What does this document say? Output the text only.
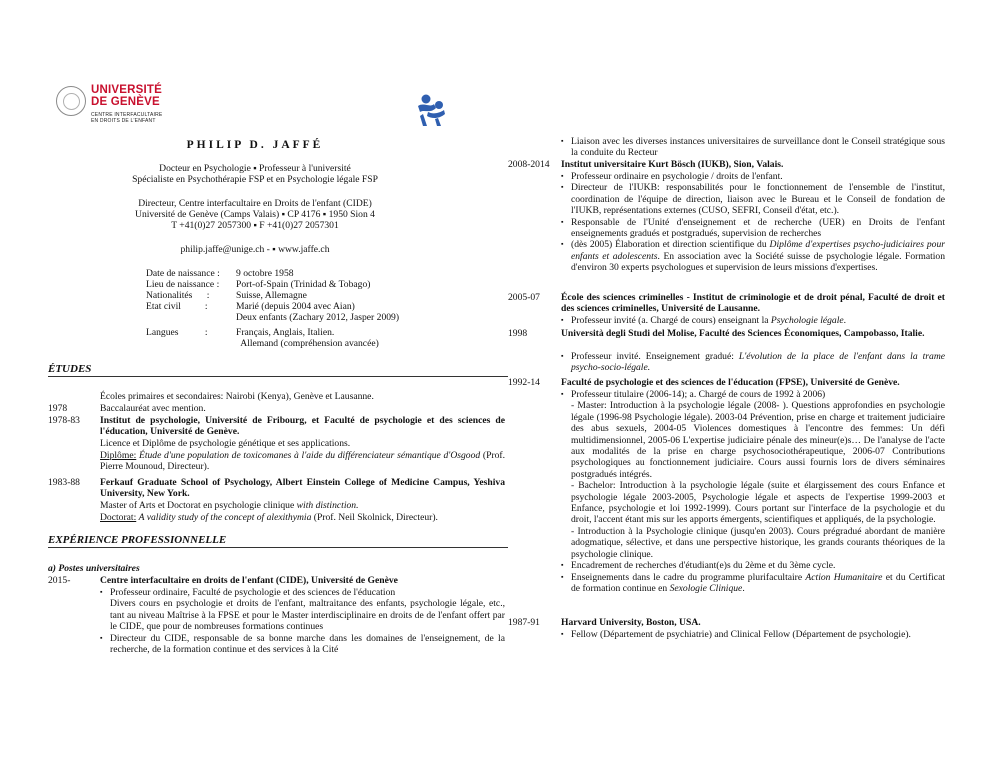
UNIVERSITÉ
DE GENÈVE
CENTRE INTERFACULTAIRE
EN DROITS DE L'ENFANT
PHILIP D. JAFFÉ
Docteur en Psychologie ▪ Professeur à l'université
Spécialiste en Psychothérapie FSP et en Psychologie légale FSP
Directeur, Centre interfacultaire en Droits de l'enfant (CIDE)
Université de Genève (Camps Valais) ▪ CP 4176 ▪ 1950 Sion 4
T +41(0)27 2057300 ▪ F +41(0)27 2057301
philip.jaffe@unige.ch - ▪ www.jaffe.ch
Date de naissance :	9 octobre 1958
Lieu de naissance :	Port-of-Spain (Trinidad & Tobago)
Nationalités      :	Suisse, Allemagne
Etat civil          :	Marié (depuis 2004 avec Aian)
Deux enfants (Zachary 2012, Jasper 2009)
Langues           :	Français, Anglais, Italien.
Allemand (compréhension avancée)
ÉTUDES
Écoles primaires et secondaires: Nairobi (Kenya), Genève et Lausanne.
1978	Baccalauréat avec mention.
1978-83	Institut de psychologie, Université de Fribourg, et Faculté de psychologie et des sciences de l'éducation, Université de Genève.
Licence et Diplôme de psychologie génétique et ses applications.
Diplôme: Étude d'une population de toxicomanes à l'aide du différenciateur sémantique d'Osgood (Prof. Pierre Mounoud, Directeur).
1983-88	Ferkauf Graduate School of Psychology, Albert Einstein College of Medicine Campus, Yeshiva University, New York.
Master of Arts et Doctorat en psychologie clinique with distinction.
Doctorat: A validity study of the concept of alexithymia (Prof. Neil Skolnick, Directeur).
EXPÉRIENCE PROFESSIONNELLE
a) Postes universitaires
2015-	Centre interfacultaire en droits de l'enfant (CIDE), Université de Genève

▪ Professeur ordinaire, Faculté de psychologie et des sciences de l'éducation

Divers cours en psychologie et droits de l'enfant, maltraitance des enfants, psychologie légale, etc., tant au niveau Maîtrise à la FPSE et pour le Master interdisciplinaire en droits de de l'enfant offert par le CIDE, que pour de nombreuses formations continues

▪ Directeur du CIDE, responsable de sa bonne marche dans les domaines de l'enseignement, de la recherche, de la formation continue et des services à la Cité

▪ Liaison avec les diverses instances universitaires de surveillance dont le Conseil stratégique sous la conduite du Recteur

2008-2014	Institut universitaire Kurt Bösch (IUKB), Sion, Valais.

▪ Professeur ordinaire en psychologie / droits de l'enfant.

▪ Directeur de l'IUKB: responsabilités pour le fonctionnement de l'ensemble de l'institut, coordination de l'équipe de direction, liaison avec le Bureau et le Conseil de fondation de l'IUKB, représentations externes (CUSO, SEFRI, Conseil d'état, etc.).

▪ Responsable de l'Unité d'enseignement et de recherche (UER) en Droits de l'enfant enseignements gradués et postgradués, supervision de recherches

▪ (dès 2005) Élaboration et direction scientifique du Diplôme d'expertises psycho-judiciaires pour enfants et adolescents. En association avec la Société suisse de psychologie légale. Formation d'environ 30 experts psychologues et supervision de leurs missions d'expertises.

2005-07	École des sciences criminelles - Institut de criminologie et de droit pénal, Faculté de droit et des sciences criminelles, Université de Lausanne.

▪ Professeur invité (a. Chargé de cours) enseignant la Psychologie légale.

1998	Università degli Studi del Molise, Faculté des Sciences Économiques, Campobasso, Italie.

▪ Professeur invité. Enseignement gradué: L'évolution de la place de l'enfant dans la trame psycho-socio-légale.

1992-14	Faculté de psychologie et des sciences de l'éducation (FPSE), Université de Genève.

▪ Professeur titulaire (2006-14); a. Chargé de cours de 1992 à 2006)

- Master: Introduction à la psychologie légale (2008- ). Questions approfondies en psychologie légale (1996-98 Psychologie légale). 2003-04 Prévention, prise en charge et traitement judiciaire des abus sexuels, 2004-05 Violences domestiques à l'encontre des femmes: Un défi multidimensionnel, 2005-06 L'expertise judiciaire pénale des mineur(e)s… De l'analyse de l'acte aux modalités de la prise en charge psychosociothérapeutique, 2006-07 Contributions psychologiques au fonctionnement judiciaire. Cours aussi fournis lors de divers séminaires postgradués intégrés.

- Bachelor: Introduction à la psychologie légale (suite et élargissement des cours Enfance et psychologie légale 2003-2005, Psychologie légale et aspects de l'expertise 1999-2003 et Enfance, psychologie et loi 1992-1999). Cours portant sur l'interface de la psychologie et du droit, l'accent étant mis sur les apports émergents, scientifiques et appliqués, de la psychologie.

- Introduction à la Psychologie clinique (jusqu'en 2003). Cours prégradué abordant de manière adogmatique, sélective, et dans une perspective historique, les grands courants théoriques de la psychologie clinique.

▪ Encadrement de recherches d'étudiant(e)s du 2ème et du 3ème cycle.

▪ Enseignements dans le cadre du programme plurifacultaire Action Humanitaire et du Certificat de formation continue en Sexologie Clinique.

1987-91	Harvard University, Boston, USA.

▪ Fellow (Département de psychiatrie) and Clinical Fellow (Département de psychologie).
